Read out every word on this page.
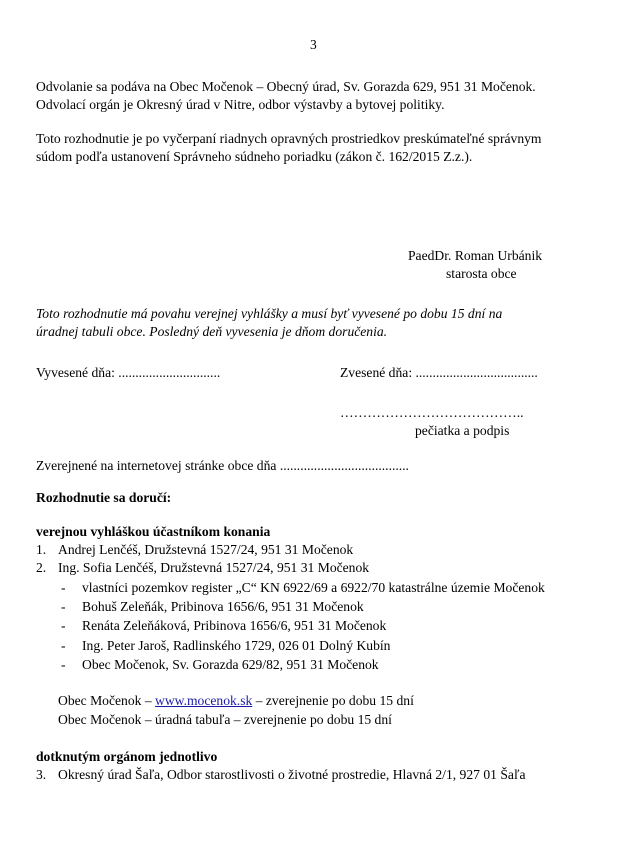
3
Odvolanie sa podáva na Obec Močenok – Obecný úrad, Sv. Gorazda 629, 951 31 Močenok.
Odvolací orgán je Okresný úrad v Nitre, odbor výstavby a bytovej politiky.
Toto rozhodnutie je po vyčerpaní riadnych opravných prostriedkov preskúmateľné správnym
súdom podľa ustanovení Správneho súdneho poriadku (zákon č. 162/2015 Z.z.).
PaedDr. Roman Urbánik
starosta obce
Toto rozhodnutie má povahu verejnej vyhlášky a musí byť vyvesené po dobu 15 dní na
úradnej tabuli obce. Posledný deň vyvesenia je dňom doručenia.
Vyvesené dňa: ..............................	Zvesené dňa: ....................................
…………………………………..
pečiatka a podpis
Zverejnené na internetovej stránke obce dňa ......................................
Rozhodnutie sa doručí:
verejnou vyhláškou účastníkom konania
1. Andrej Lenčéš, Družstevná 1527/24, 951 31 Močenok
2. Ing. Sofia Lenčéš, Družstevná 1527/24, 951 31 Močenok
- vlastníci pozemkov register „C“ KN 6922/69 a 6922/70 katastrálne územie Močenok
- Bohuš Zeleňák, Pribinova 1656/6, 951 31 Močenok
- Renáta Zeleňáková, Pribinova 1656/6, 951 31 Močenok
- Ing. Peter Jaroš, Radlinského 1729, 026 01 Dolný Kubín
- Obec Močenok, Sv. Gorazda 629/82, 951 31 Močenok
Obec Močenok – www.mocenok.sk – zverejnenie po dobu 15 dní
Obec Močenok – úradná tabuľa – zverejnenie po dobu 15 dní
dotknutým orgánom jednotlivo
3. Okresný úrad Šaľa, Odbor starostlivosti o životné prostredie, Hlavná 2/1, 927 01 Šaľa
